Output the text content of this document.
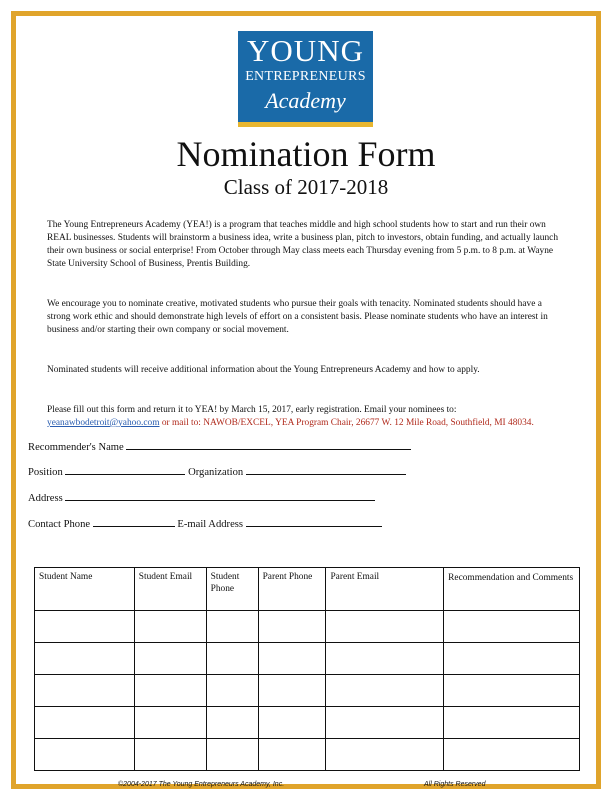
YOUNG
ENTREPRENEURS
Academy
Nomination Form
Class of 2017-2018
The Young Entrepreneurs Academy (YEA!) is a program that teaches middle and high school students how to start and run their own REAL businesses. Students will brainstorm a business idea, write a business plan, pitch to investors, obtain funding, and actually launch their own business or social enterprise! From October through May class meets each Thursday evening from 5 p.m. to 8 p.m. at Wayne State University School of Business, Prentis Building.
We encourage you to nominate creative, motivated students who pursue their goals with tenacity. Nominated students should have a strong work ethic and should demonstrate high levels of effort on a consistent basis. Please nominate students who have an interest in business and/or starting their own company or social movement.
Nominated students will receive additional information about the Young Entrepreneurs Academy and how to apply.
Please fill out this form and return it to YEA! by March 15, 2017, early registration. Email your nominees to: yeanawbodetroit@yahoo.com or mail to: NAWOB/EXCEL, YEA Program Chair, 26677 W. 12 Mile Road, Southfield, MI 48034.
Recommender's Name
Position	Organization
Address
Contact Phone	E-mail Address
Student Name	Student Email	Student Phone	Parent Phone	Parent Email	Recommendation and Comments

©2004-2017 The Young Entrepreneurs Academy, Inc.	All Rights Reserved
